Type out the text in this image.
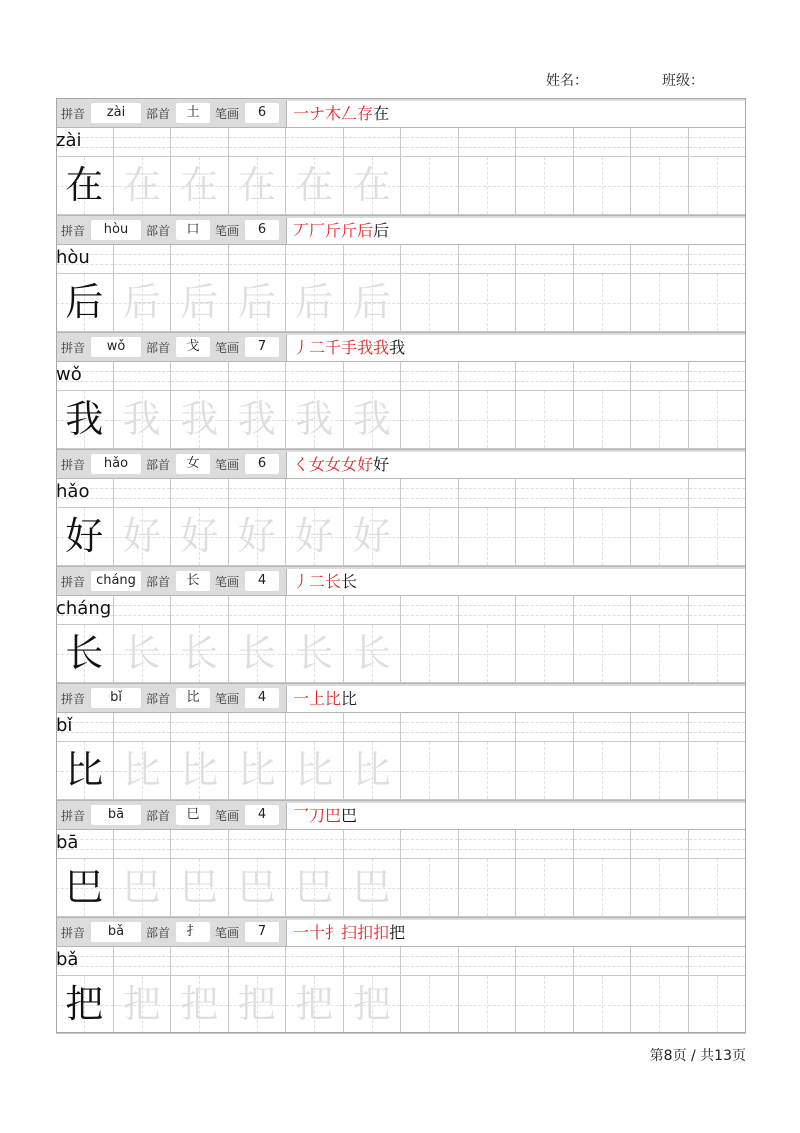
姓名：	班级：
拼音	zài	部首	土	笔画	6	一ナ木𠃋存在
zài
在 在 在 在 在 在
拼音	hòu	部首	口	笔画	6	丆厂斤斤后后
hòu
后 后 后 后 后 后
拼音	wǒ	部首	戈	笔画	7	丿二千手我我我
wǒ
我 我 我 我 我 我
拼音	hǎo	部首	女	笔画	6	く女女女好好
hǎo
好 好 好 好 好 好
拼音 cháng 部首	长	笔画	4	丿二长长
cháng
长 长 长 长 长 长
拼音	bǐ	部首	比	笔画	4	一上比比
bǐ
比 比 比 比 比 比
拼音	bā	部首	巳	笔画	4	乛刀巴巴
bā
巴 巴 巴 巴 巴 巴
拼音	bǎ	部首	扌	笔画	7	一十扌扫扣扣把
bǎ
把 把 把 把 把 把
第8页 / 共13页
